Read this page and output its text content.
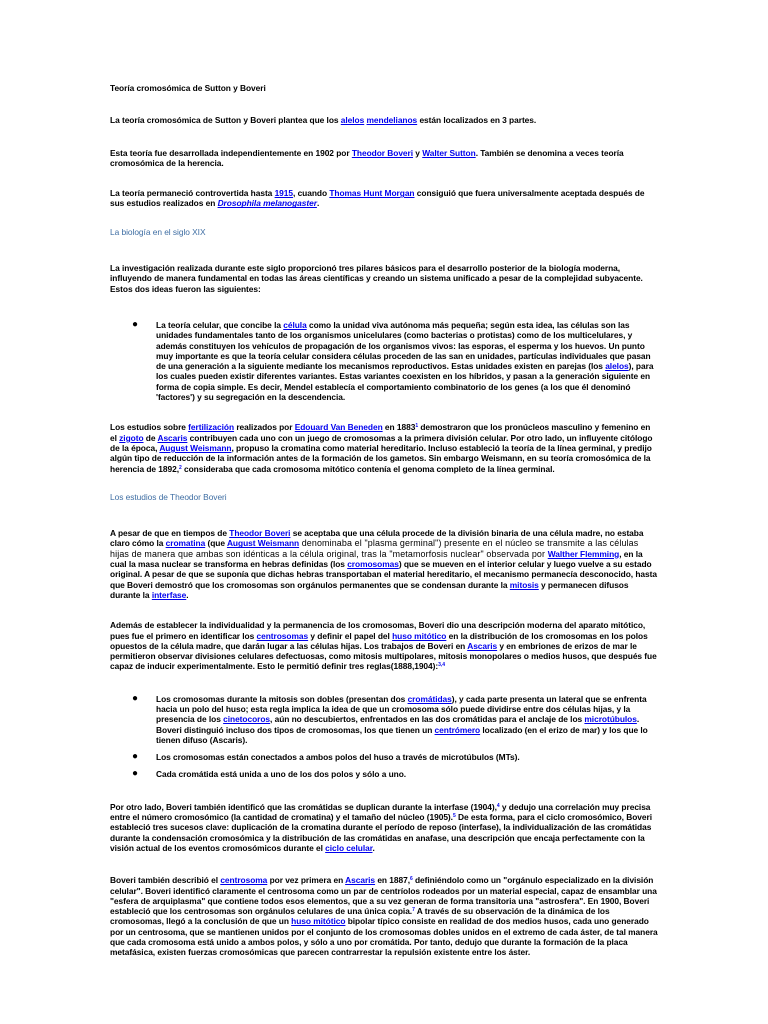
Teoría cromosómica de Sutton y Boveri

La teoría cromosómica de Sutton y Boveri plantea que los alelos mendelianos están localizados en 3 partes.

Esta teoría fue desarrollada independientemente en 1902 por Theodor Boveri y Walter Sutton. También se denomina a veces teoría cromosómica de la herencia.

La teoría permaneció controvertida hasta 1915, cuando Thomas Hunt Morgan consiguió que fuera universalmente aceptada después de sus estudios realizados en Drosophila melanogaster.

La biología en el siglo XIX

La investigación realizada durante este siglo proporcionó tres pilares básicos para el desarrollo posterior de la biología moderna, influyendo de manera fundamental en todas las áreas científicas y creando un sistema unificado a pesar de la complejidad subyacente. Estos dos ideas fueron las siguientes:

● La teoría celular, que concibe la célula como la unidad viva autónoma más pequeña; según esta idea, las células son las unidades fundamentales tanto de los organismos unicelulares (como bacterias o protistas) como de los multicelulares, y además constituyen los vehículos de propagación de los organismos vivos: las esporas, el esperma y los huevos. Un punto muy importante es que la teoría celular considera células proceden de las san en unidades, partículas individuales que pasan de una generación a la siguiente mediante los mecanismos reproductivos. Estas unidades existen en parejas (los alelos), para los cuales pueden existir diferentes variantes. Estas variantes coexisten en los híbridos, y pasan a la generación siguiente en forma de copia simple. Es decir, Mendel establecía el comportamiento combinatorio de los genes (a los que él denominó 'factores') y su segregación en la descendencia.

Los estudios sobre fertilización realizados por Edouard Van Beneden en 1883$^1$ demostraron que los pronúcleos masculino y femenino en el zigoto de Ascaris contribuyen cada uno con un juego de cromosomas a la primera división celular. Por otro lado, un influyente citólogo de la época, August Weismann, propuso la cromatina como material hereditario. Incluso estableció la teoría de la línea germinal, y predijo algún tipo de reducción de la información antes de la formación de los gametos. Sin embargo Weismann, en su teoría cromosómica de la herencia de 1892,$^2$ consideraba que cada cromosoma mitótico contenía el genoma completo de la línea germinal.

Los estudios de Theodor Boveri

A pesar de que en tiempos de Theodor Boveri se aceptaba que una célula procede de la división binaria de una célula madre, no estaba claro cómo la cromatina (que August Weismann denominaba el "plasma germinal") presente en el núcleo se transmite a las células hijas de manera que ambas son idénticas a la célula original, tras la "metamorfosis nuclear" observada por Walther Flemming, en la cual la masa nuclear se transforma en hebras definidas (los cromosomas) que se mueven en el interior celular y luego vuelve a su estado original. A pesar de que se suponía que dichas hebras transportaban el material hereditario, el mecanismo permanecía desconocido, hasta que Boveri demostró que los cromosomas son orgánulos permanentes que se condensan durante la mitosis y permanecen difusos durante la interfase.

Además de establecer la individualidad y la permanencia de los cromosomas, Boveri dio una descripción moderna del aparato mitótico, pues fue el primero en identificar los centrosomas y definir el papel del huso mitótico en la distribución de los cromosomas en los polos opuestos de la célula madre, que darán lugar a las células hijas. Los trabajos de Boveri en Ascaris y en embriones de erizos de mar le permitieron observar divisiones celulares defectuosas, como mitosis multipolares, mitosis monopolares o medios husos, que después fue capaz de inducir experimentalmente. Esto le permitió definir tres reglas(1888,1904):$^{3,4}$

● Los cromosomas durante la mitosis son dobles (presentan dos cromátidas), y cada parte presenta un lateral que se enfrenta hacia un polo del huso; esta regla implica la idea de que un cromosoma sólo puede dividirse entre dos células hijas, y la presencia de los cinetocoros, aún no descubiertos, enfrentados en las dos cromátidas para el anclaje de los microtúbulos. Boveri distinguió incluso dos tipos de cromosomas, los que tienen un centrómero localizado (en el erizo de mar) y los que lo tienen difuso (Ascaris).
● Los cromosomas están conectados a ambos polos del huso a través de microtúbulos (MTs).
● Cada cromátida está unida a uno de los dos polos y sólo a uno.

Por otro lado, Boveri también identificó que las cromátidas se duplican durante la interfase (1904),$^4$ y dedujo una correlación muy precisa entre el número cromosómico (la cantidad de cromatina) y el tamaño del núcleo (1905).$^5$ De esta forma, para el ciclo cromosómico, Boveri estableció tres sucesos clave: duplicación de la cromatina durante el período de reposo (interfase), la individualización de las cromátidas durante la condensación cromosómica y la distribución de las cromátidas en anafase, una descripción que encaja perfectamente con la visión actual de los eventos cromosómicos durante el ciclo celular.

Boveri también describió el centrosoma por vez primera en Ascaris en 1887,$^6$ definiéndolo como un "orgánulo especializado en la división celular". Boveri identificó claramente el centrosoma como un par de centríolos rodeados por un material especial, capaz de ensamblar una "esfera de arquiplasma" que contiene todos esos elementos, que a su vez generan de forma transitoria una "astrosfera". En 1900, Boveri estableció que los centrosomas son orgánulos celulares de una única copia.$^7$ A través de su observación de la dinámica de los cromosomas, llegó a la conclusión de que un huso mitótico bipolar típico consiste en realidad de dos medios husos, cada uno generado por un centrosoma, que se mantienen unidos por el conjunto de los cromosomas dobles unidos en el extremo de cada áster, de tal manera que cada cromosoma está unido a ambos polos, y sólo a uno por cromátida. Por tanto, dedujo que durante la formación de la placa metafásica, existen fuerzas cromosómicas que parecen contrarrestar la repulsión existente entre los áster.
